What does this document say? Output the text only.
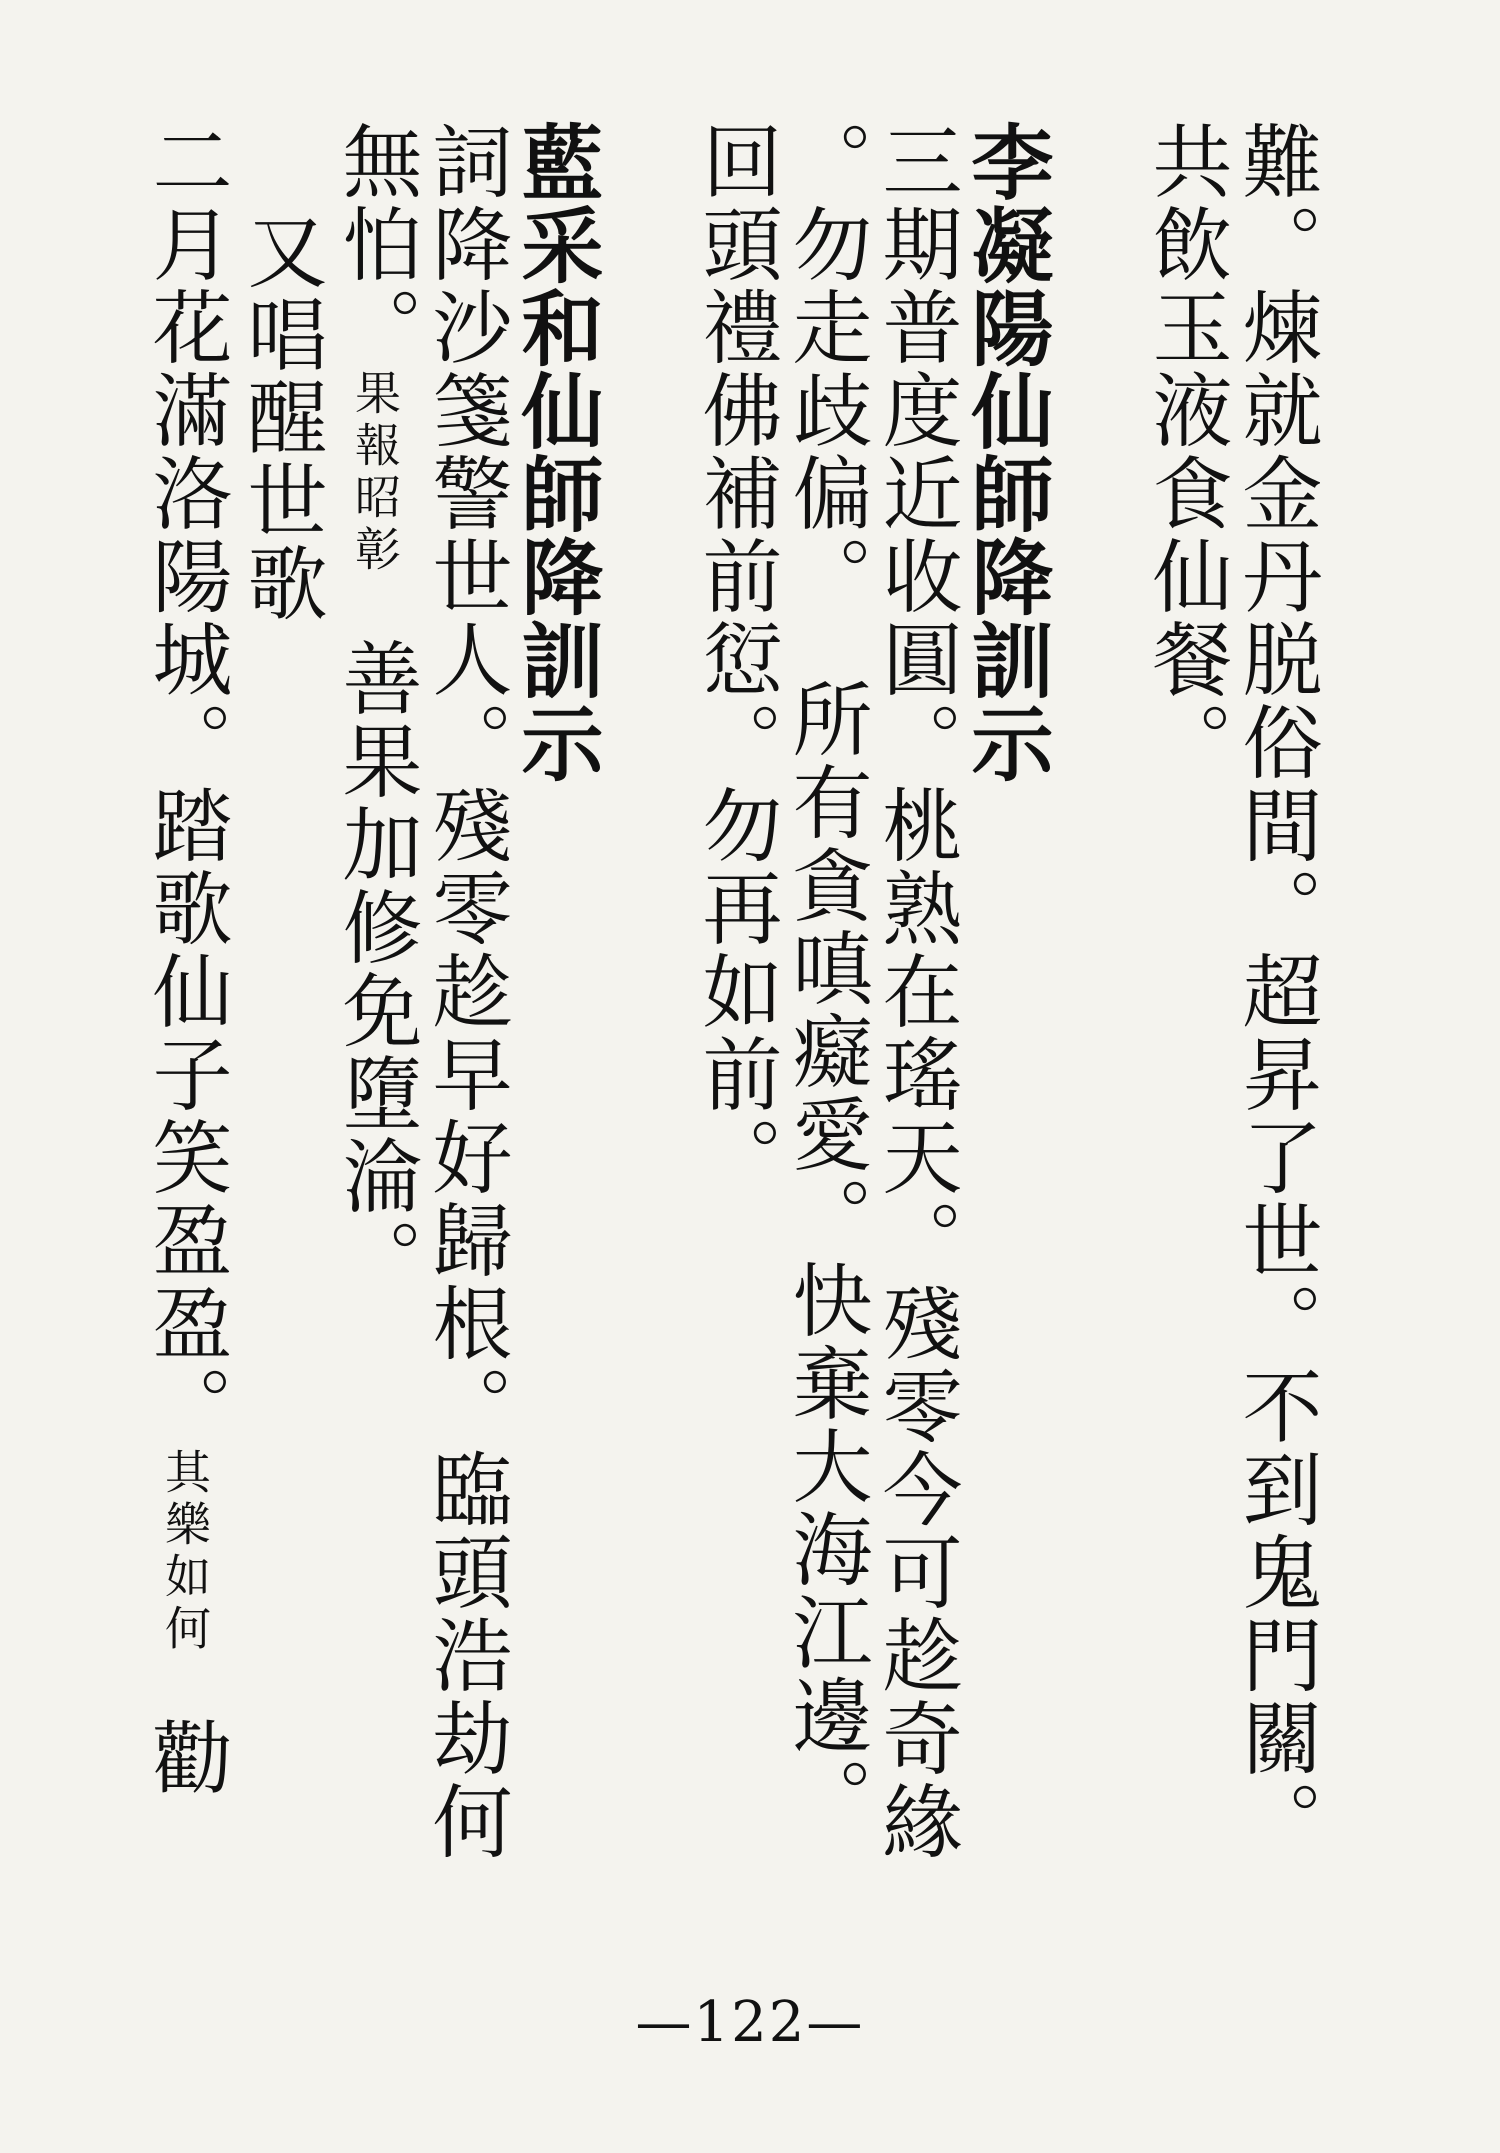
難。煉就金丹脱俗間。超昇了世。不到鬼門關。
共飲玉液食仙餐。
李凝陽仙師降訓示
三期普度近收圓。桃熟在瑤天。殘零今可趁奇緣
。勿走歧偏。所有貪嗔癡愛。快棄大海江邊。
回頭禮佛補前愆。勿再如前。
藍采和仙師降訓示
詞降沙箋警世人。殘零趁早好歸根。臨頭浩劫何
無怕。果報昭彰善果加修免墮淪。
又唱醒世歌
二月花滿洛陽城。踏歌仙子笑盈盈。其樂如何勸
—122—
